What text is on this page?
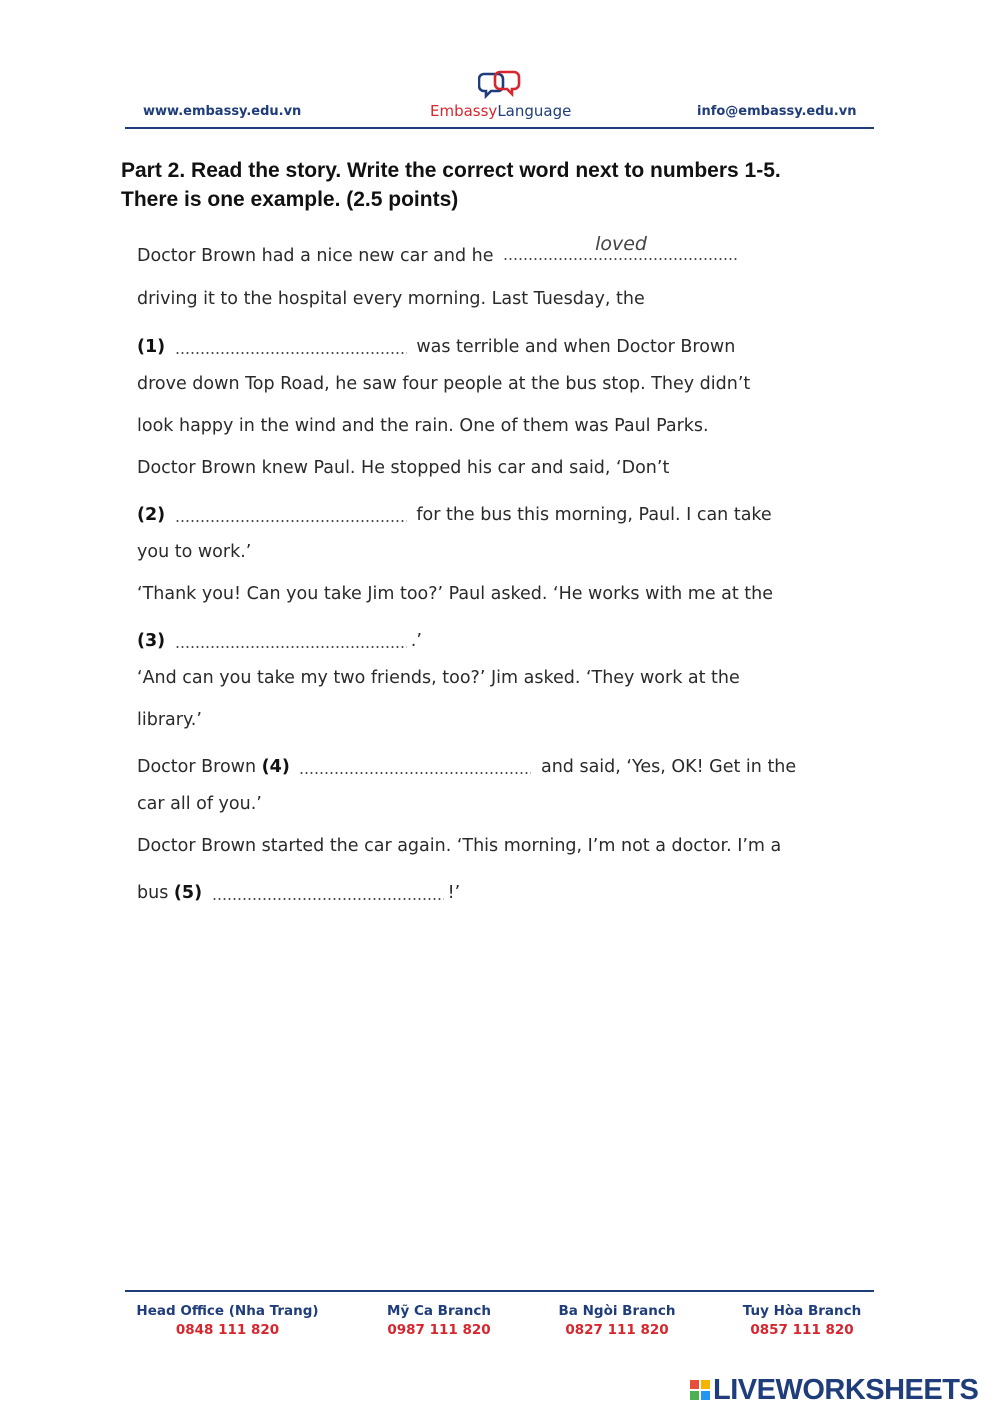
www.embassy.edu.vn	EmbassyLanguage	info@embassy.edu.vn
Part 2. Read the story. Write the correct word next to numbers 1-5.
There is one example. (2.5 points)
Doctor Brown had a nice new car and he
loved
driving it to the hospital every morning. Last Tuesday, the
(1)	was terrible and when Doctor Brown
drove down Top Road, he saw four people at the bus stop. They didn’t
look happy in the wind and the rain. One of them was Paul Parks.
Doctor Brown knew Paul. He stopped his car and said, ‘Don’t
(2)	for the bus this morning, Paul. I can take
you to work.’
‘Thank you! Can you take Jim too?’ Paul asked. ‘He works with me at the
(3)	.’
‘And can you take my two friends, too?’ Jim asked. ‘They work at the
library.’
Doctor Brown (4)	and said, ‘Yes, OK! Get in the
car all of you.’
Doctor Brown started the car again. ‘This morning, I’m not a doctor. I’m a
bus (5)	!’
Head Office (Nha Trang)
0848 111 820
Mỹ Ca Branch
0987 111 820
Ba Ngòi Branch
0827 111 820
Tuy Hòa Branch
0857 111 820
LIVEWORKSHEETS
